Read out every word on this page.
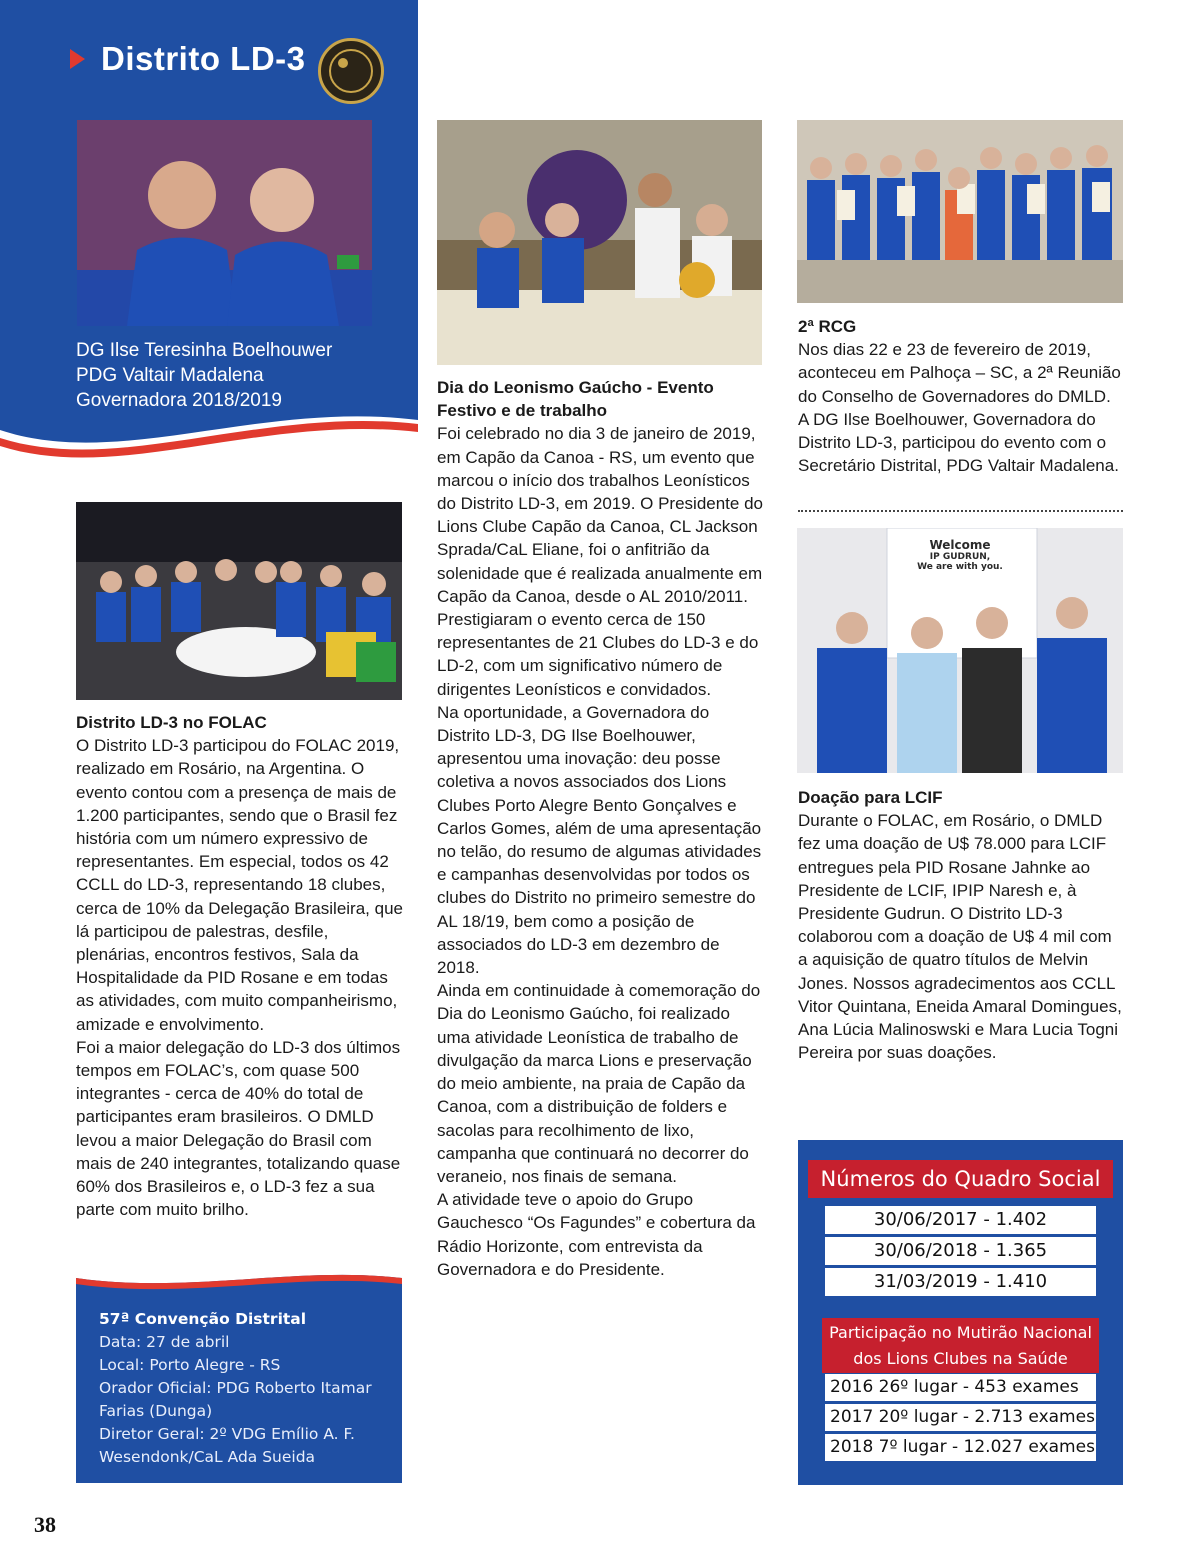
Distrito LD-3
DG Ilse Teresinha Boelhouwer
PDG Valtair Madalena
Governadora 2018/2019
2ª RCG

Nos dias 22 e 23 de fevereiro de 2019, aconteceu em Palhoça – SC, a 2ª Reunião do Conselho de Governadores do DMLD. A DG Ilse Boelhouwer, Governadora do Distrito LD-3, participou do evento com o Secretário Distrital, PDG Valtair Madalena.

Welcome
IP GUDRUN,
We are with you.
Distrito LD-3 no FOLAC

O Distrito LD-3 participou do FOLAC 2019, realizado em Rosário, na Argentina. O evento contou com a presença de mais de 1.200 participantes, sendo que o Brasil fez história com um número expressivo de representantes. Em especial, todos os 42 CCLL do LD-3, representando 18 clubes, cerca de 10% da Delegação Brasileira, que lá participou de palestras, desfile, plenárias, encontros festivos, Sala da Hospitalidade da PID Rosane e em todas as atividades, com muito companheirismo, amizade e envolvimento.

Foi a maior delegação do LD-3 dos últimos tempos em FOLAC’s, com quase 500 integrantes - cerca de 40% do total de participantes eram brasileiros. O DMLD levou a maior Delegação do Brasil com mais de 240 integrantes, totalizando quase 60% dos Brasileiros e, o LD-3 fez a sua parte com muito brilho.

Dia do Leonismo Gaúcho - Evento Festivo e de trabalho

Foi celebrado no dia 3 de janeiro de 2019, em Capão da Canoa - RS, um evento que marcou o início dos trabalhos Leonísticos do Distrito LD-3, em 2019. O Presidente do Lions Clube Capão da Canoa, CL Jackson Sprada/CaL Eliane, foi o anfitrião da solenidade que é realizada anualmente em Capão da Canoa, desde o AL 2010/2011.

Prestigiaram o evento cerca de 150 representantes de 21 Clubes do LD-3 e do LD-2, com um significativo número de dirigentes Leonísticos e convidados.

Na oportunidade, a Governadora do Distrito LD-3, DG Ilse Boelhouwer, apresentou uma inovação: deu posse coletiva a novos associados dos Lions Clubes Porto Alegre Bento Gonçalves e Carlos Gomes, além de uma apresentação no telão, do resumo de algumas atividades e campanhas desenvolvidas por todos os clubes do Distrito no primeiro semestre do AL 18/19, bem como a posição de associados do LD-3 em dezembro de 2018.

Ainda em continuidade à comemoração do Dia do Leonismo Gaúcho, foi realizado uma atividade Leonística de trabalho de divulgação da marca Lions e preservação do meio ambiente, na praia de Capão da Canoa, com a distribuição de folders e sacolas para recolhimento de lixo, campanha que continuará no decorrer do veraneio, nos finais de semana.

A atividade teve o apoio do Grupo Gauchesco “Os Fagundes” e cobertura da Rádio Horizonte, com entrevista da Governadora e do Presidente.

Doação para LCIF

Durante o FOLAC, em Rosário, o DMLD fez uma doação de U$ 78.000 para LCIF entregues pela PID Rosane Jahnke ao Presidente de LCIF, IPIP Naresh e, à Presidente Gudrun. O Distrito LD-3 colaborou com a doação de U$ 4 mil com a aquisição de quatro títulos de Melvin Jones. Nossos agradecimentos aos CCLL Vitor Quintana, Eneida Amaral Domingues, Ana Lúcia Malinoswski e Mara Lucia Togni Pereira por suas doações.

57ª Convenção Distrital
Data: 27 de abril
Local: Porto Alegre - RS
Orador Oficial: PDG Roberto Itamar
Farias (Dunga)
Diretor Geral: 2º VDG Emílio A. F.
Wesendonk/CaL Ada Sueida
Números do Quadro Social
30/06/2017 - 1.402
30/06/2018 - 1.365
31/03/2019 - 1.410
Participação no Mutirão Nacional
dos Lions Clubes na Saúde
2016 26º lugar - 453 exames
2017 20º lugar - 2.713 exames
2018 7º lugar - 12.027 exames
38
